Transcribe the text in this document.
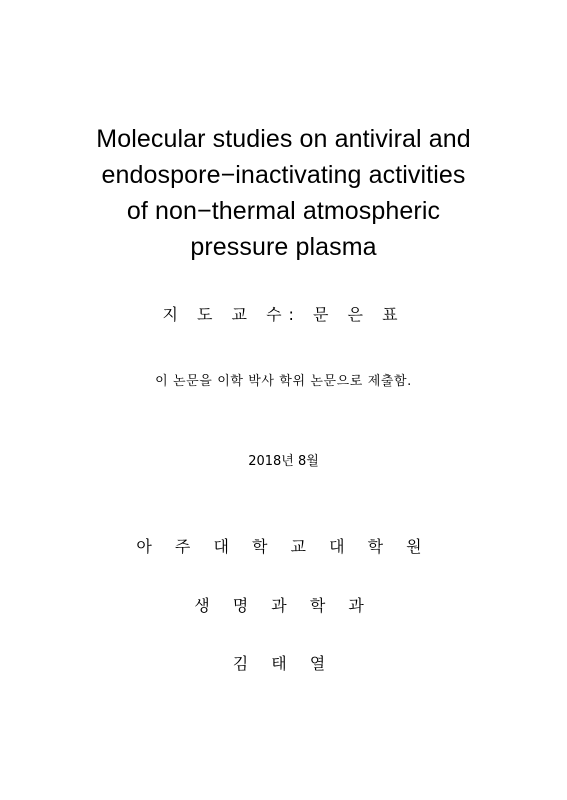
Molecular studies on antiviral and
endospore−inactivating activities
of non−thermal atmospheric
pressure plasma
지 도 교 수: 문 은 표
이 논문을 이학 박사 학위 논문으로 제출함.
2018년 8월
아 주 대 학 교 대 학 원
생 명 과 학 과
김 태 열
